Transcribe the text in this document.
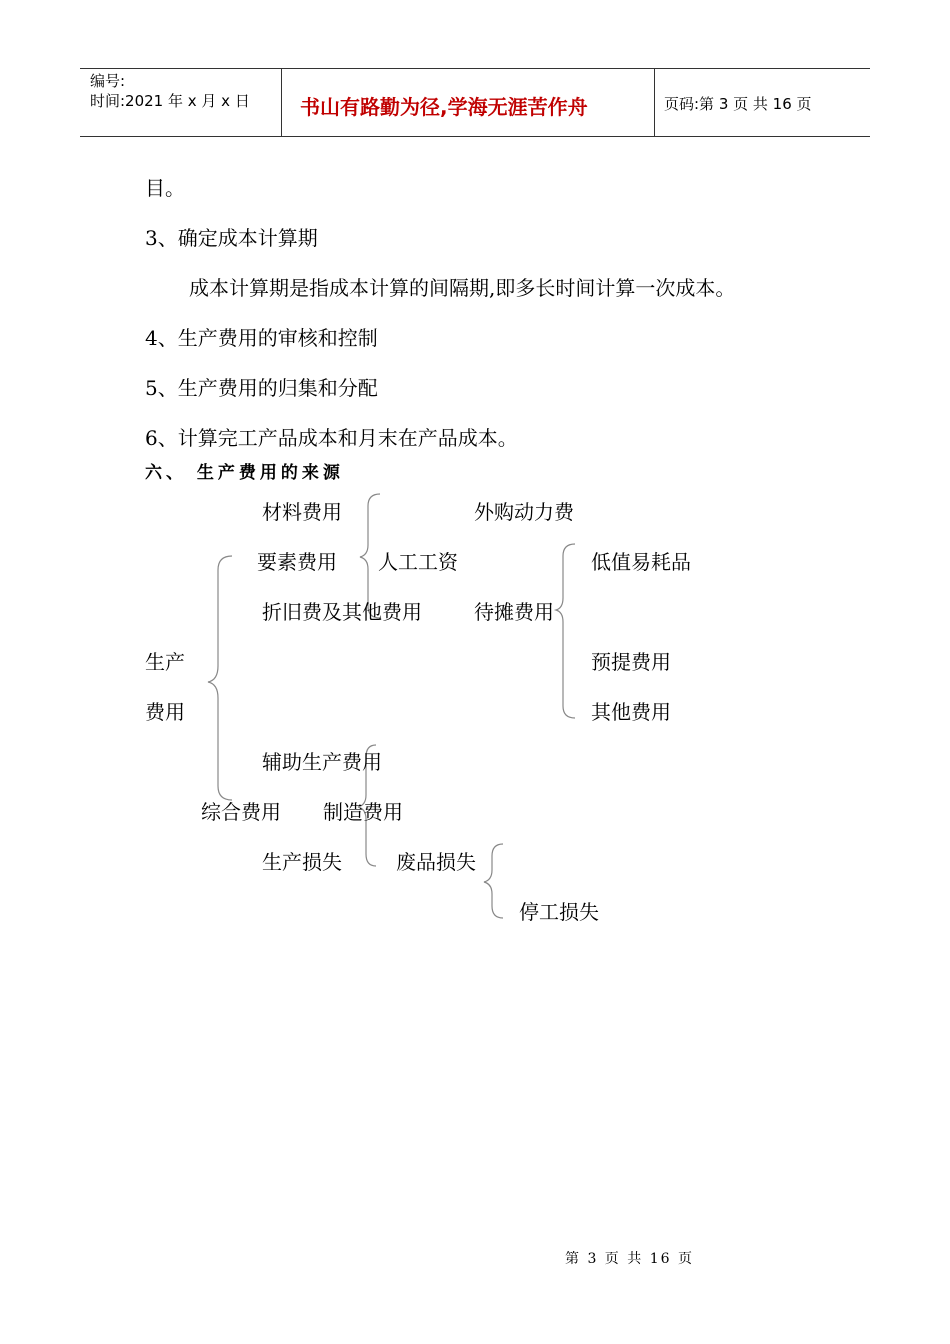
编号:
时间:2021 年 x 月 x 日	书山有路勤为径,学海无涯苦作舟	页码:第 3 页 共 16 页
目。
3、确定成本计算期
成本计算期是指成本计算的间隔期,即多长时间计算一次成本。
4、生产费用的审核和控制
5、生产费用的归集和分配
6、计算完工产品成本和月末在产品成本。
六、 生产费用的来源
生产
费用
材料费用	外购动力费
要素费用 人工工资	低值易耗品
折旧费及其他费用	待摊费用
预提费用
其他费用
辅助生产费用
综合费用 制造费用
生产损失	废品损失
停工损失
第 3 页 共 16 页
